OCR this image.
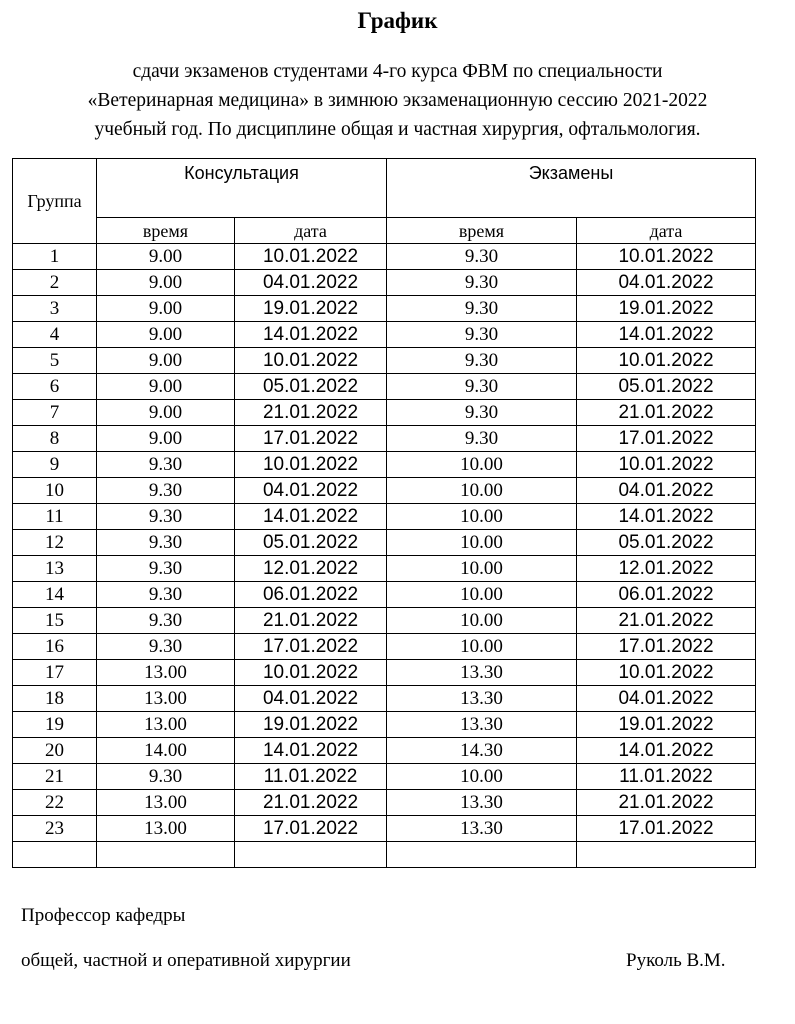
График
сдачи экзаменов студентами 4-го курса ФВМ по специальности
«Ветеринарная медицина» в зимнюю экзаменационную сессию 2021-2022
учебный год. По дисциплине общая и частная хирургия, офтальмология.
Группа	Консультация		Экзамены	
	время	дата	время	дата
1	9.00	10.01.2022	9.30	10.01.2022
2	9.00	04.01.2022	9.30	04.01.2022
3	9.00	19.01.2022	9.30	19.01.2022
4	9.00	14.01.2022	9.30	14.01.2022
5	9.00	10.01.2022	9.30	10.01.2022
6	9.00	05.01.2022	9.30	05.01.2022
7	9.00	21.01.2022	9.30	21.01.2022
8	9.00	17.01.2022	9.30	17.01.2022
9	9.30	10.01.2022	10.00	10.01.2022
10	9.30	04.01.2022	10.00	04.01.2022
11	9.30	14.01.2022	10.00	14.01.2022
12	9.30	05.01.2022	10.00	05.01.2022
13	9.30	12.01.2022	10.00	12.01.2022
14	9.30	06.01.2022	10.00	06.01.2022
15	9.30	21.01.2022	10.00	21.01.2022
16	9.30	17.01.2022	10.00	17.01.2022
17	13.00	10.01.2022	13.30	10.01.2022
18	13.00	04.01.2022	13.30	04.01.2022
19	13.00	19.01.2022	13.30	19.01.2022
20	14.00	14.01.2022	14.30	14.01.2022
21	9.30	11.01.2022	10.00	11.01.2022
22	13.00	21.01.2022	13.30	21.01.2022
23	13.00	17.01.2022	13.30	17.01.2022

Профессор кафедры
общей, частной и оперативной хирургии	Руколь В.М.
